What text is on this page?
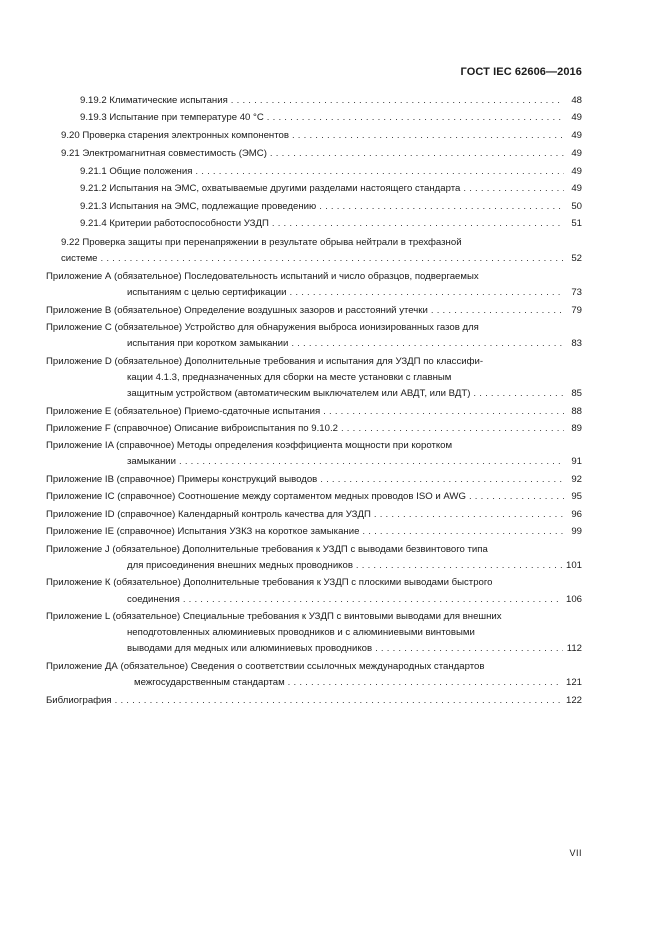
ГОСТ IEC 62606—2016
9.19.2 Климатические испытания . . .	48
9.19.3 Испытание при температуре 40 °С . . .	49
9.20 Проверка старения электронных компонентов . . .	49
9.21 Электромагнитная совместимость (ЭМС) . . .	49
9.21.1 Общие положения . . .	49
9.21.2 Испытания на ЭМС, охватываемые другими разделами настоящего стандарта . . .	49
9.21.3 Испытания на ЭМС, подлежащие проведению . . .	50
9.21.4 Критерии работоспособности УЗДП . . .	51
9.22 Проверка защиты при перенапряжении в результате обрыва нейтрали в трехфазной
системе . . .	52
Приложение А (обязательное) Последовательность испытаний и число образцов, подвергаемых
испытаниям с целью сертификации . . .	73
Приложение В (обязательное) Определение воздушных зазоров и расстояний утечки . . .	79
Приложение С (обязательное) Устройство для обнаружения выброса ионизированных газов для
испытания при коротком замыкании . . .	83
Приложение D (обязательное) Дополнительные требования и испытания для УЗДП по классифи-
кации 4.1.3, предназначенных для сборки на месте установки с главным
защитным устройством (автоматическим выключателем или АВДТ, или ВДТ) . . .	85
Приложение Е (обязательное) Приемо-сдаточные испытания . . .	88
Приложение F (справочное) Описание виброиспытания по 9.10.2 . . .	89
Приложение IA (справочное) Методы определения коэффициента мощности при коротком
замыкании . . .	91
Приложение IB (справочное) Примеры конструкций выводов . . .	92
Приложение IC (справочное) Соотношение между сортаментом медных проводов ISO и AWG . . .	95
Приложение ID (справочное) Календарный контроль качества для УЗДП . . .	96
Приложение IE (справочное) Испытания УЗКЗ на короткое замыкание . . .	99
Приложение J (обязательное) Дополнительные требования к УЗДП с выводами безвинтового типа
для присоединения внешних медных проводников . . .	101
Приложение К (обязательное) Дополнительные требования к УЗДП с плоскими выводами быстрого
соединения . . .	106
Приложение L (обязательное) Специальные требования к УЗДП с винтовыми выводами для внешних
неподготовленных алюминиевых проводников и с алюминиевыми винтовыми
выводами для медных или алюминиевых проводников . . .	112
Приложение ДА (обязательное) Сведения о соответствии ссылочных международных стандартов
межгосударственным стандартам . . .	121
Библиография . . .	122
VII
